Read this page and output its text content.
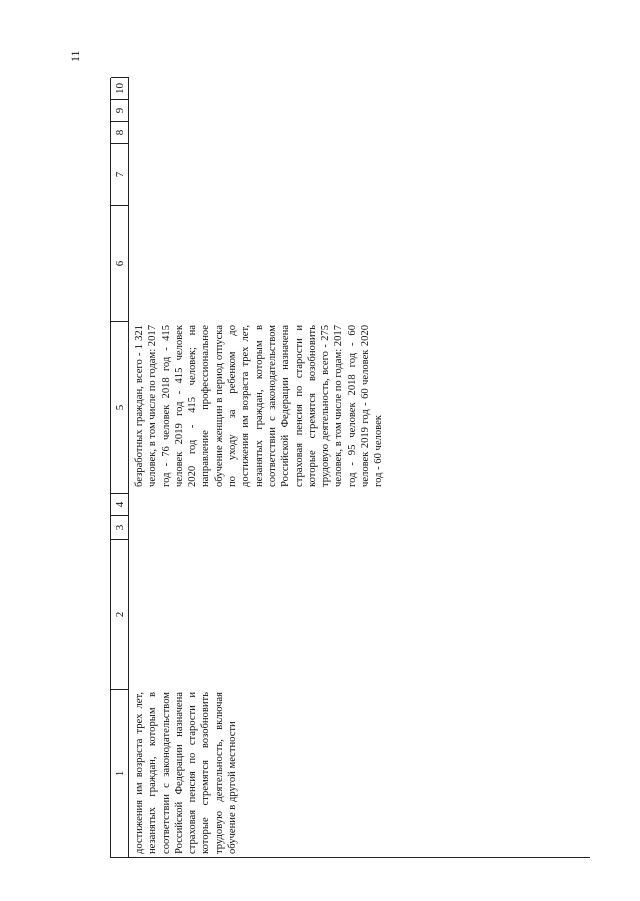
11
1 достижения им возраста трех лет, незанятых граждан, которым в соответствии с законодательством Российской Федерации назначена страховая пенсия по старости и которые стремятся возобновить трудовую деятельность, включая обучение в другой местности
2
3
4
5 безработных граждан, всего - 1 321 человек, в том числе по годам: 2017 год - 76 человек 2018 год - 415 человек 2019 год - 415 человек 2020 год - 415 человек; на направление профессиональное обучение женщин в период отпуска по уходу за ребенком до достижения им возраста трех лет, незанятых граждан, которым в соответствии с законодательством Российской Федерации назначена страховая пенсия по старости и которые стремятся возобновить трудовую деятельность, всего - 275 человек, в том числе по годам: 2017 год - 95 человек 2018 год - 60 человек 2019 год - 60 человек 2020 год - 60 человек
6
7
8
9
10
